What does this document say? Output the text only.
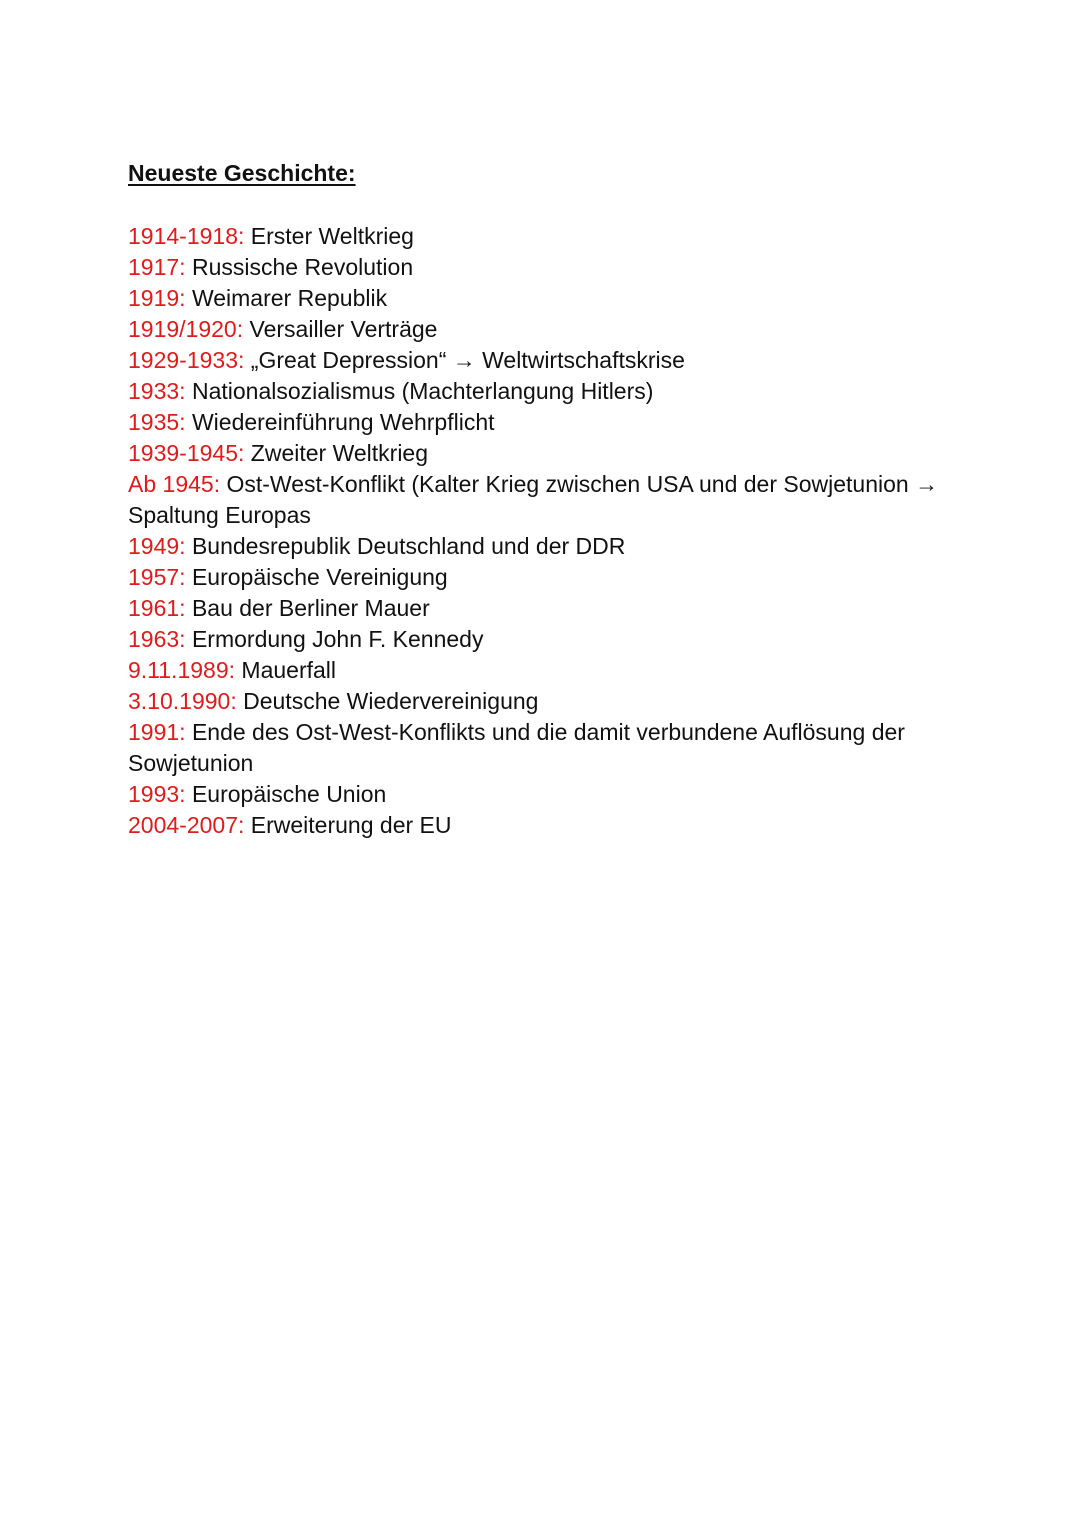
Neueste Geschichte:
1914-1918: Erster Weltkrieg
1917: Russische Revolution
1919: Weimarer Republik
1919/1920: Versailler Verträge
1929-1933: „Great Depression“ → Weltwirtschaftskrise
1933: Nationalsozialismus (Machterlangung Hitlers)
1935: Wiedereinführung Wehrpflicht
1939-1945: Zweiter Weltkrieg
Ab 1945: Ost-West-Konflikt (Kalter Krieg zwischen USA und der Sowjetunion → Spaltung Europas
1949: Bundesrepublik Deutschland und der DDR
1957: Europäische Vereinigung
1961: Bau der Berliner Mauer
1963: Ermordung John F. Kennedy
9.11.1989: Mauerfall
3.10.1990: Deutsche Wiedervereinigung
1991: Ende des Ost-West-Konflikts und die damit verbundene Auflösung der Sowjetunion
1993: Europäische Union
2004-2007: Erweiterung der EU
